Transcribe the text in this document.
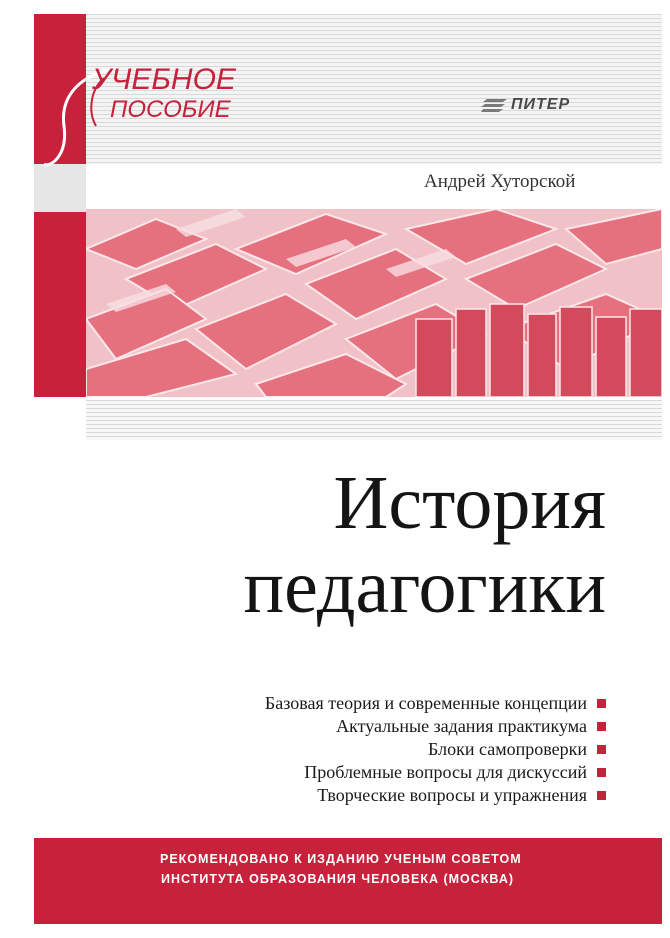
УЧЕБНОЕ
ПОСОБИЕ	ПИТЕР
Андрей Хуторской
История
педагогики
Базовая теория и современные концепции
Актуальные задания практикума
Блоки самопроверки
Проблемные вопросы для дискуссий
Творческие вопросы и упражнения
РЕКОМЕНДОВАНО К ИЗДАНИЮ УЧЕНЫМ СОВЕТОМ
ИНСТИТУТА ОБРАЗОВАНИЯ ЧЕЛОВЕКА (МОСКВА)
